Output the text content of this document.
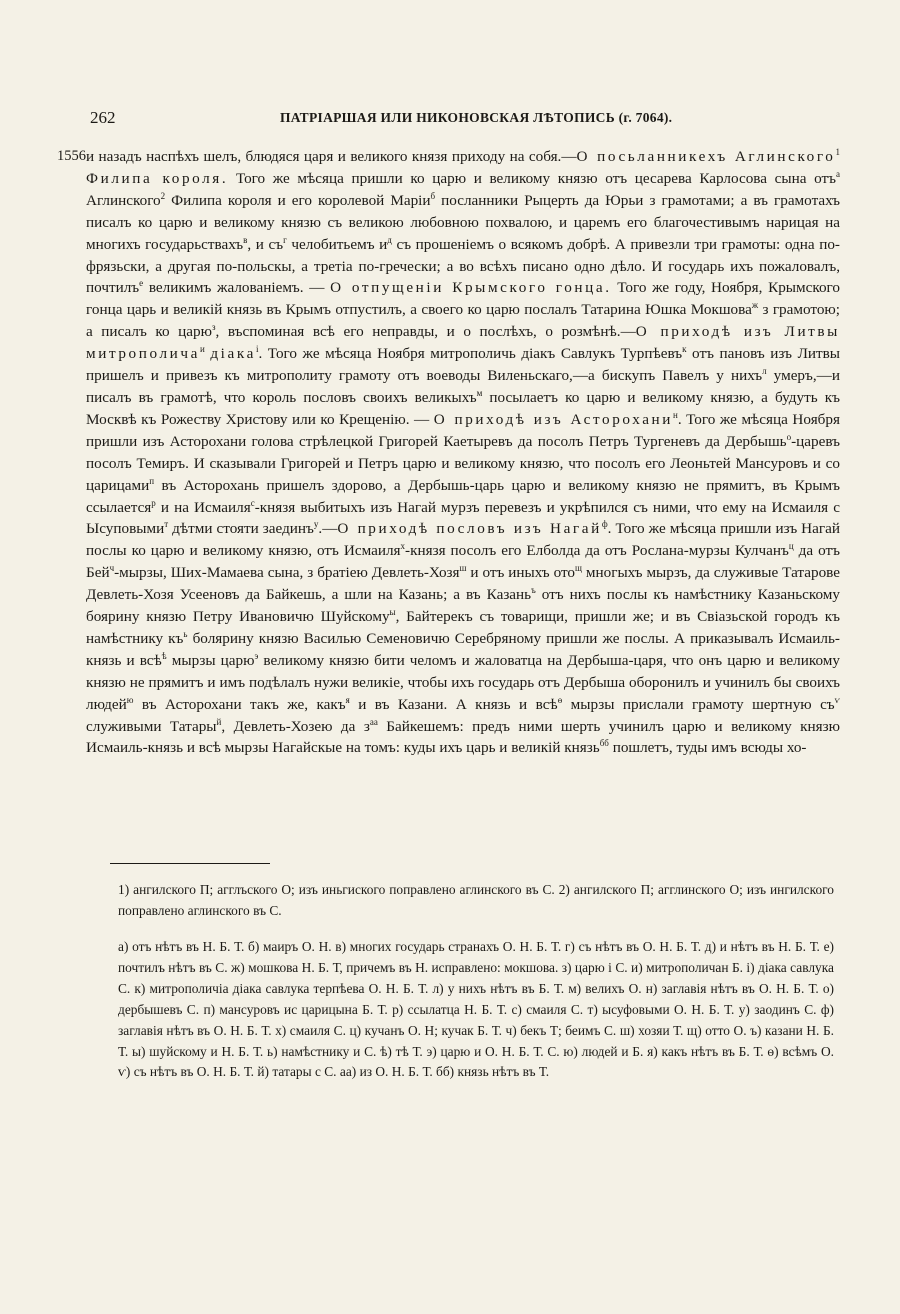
262	ПАТРІАРШАЯ ИЛИ НИКОНОВСКАЯ ЛѢТОПИСЬ (г. 7064).
1556 и назадъ наспѣхъ шелъ, блюдяся царя и великого князя приходу на собя.—О посьланникехъ Аглинского$^1$ Филипа короля. Того же мѣсяца пришли ко царю и великому князю отъ цесарева Карлосова сына отъ$^а$ Аглинского$^2$ Филипа короля и его королевой Маріи$^б$ посланники Рыцерть да Юрьи з грамотами; а въ грамотахъ писалъ ко царю и великому князю съ великою любовною похвалою, и царемъ его благочестивымъ нарицая на многихъ государьствахъ$^в$, и $съ^г$ челобитьемъ $и^д$ съ прошеніемъ о всякомъ добрѣ. А привезли три грамоты: одна по-фрязьски, а другая по-польскы, а третіа по-гречески; а во всѣхъ писано одно дѣло. И государь ихъ пожаловалъ, почтилъ$^е$ великимъ жалованіемъ. — О отпущеніи Крымского гонца. Того же году, Ноября, Крымского гонца царь и великій князь въ Крымъ отпустилъ, а своего ко царю послалъ Татарина Юшка Мокшова$^ж$ з грамотою; а писалъ ко царю$^з$, въспоминая всѣ его неправды, и о послѣхъ, о розмѣнѣ.—О приходѣ изъ Литвы митрополича$^и$ діака$^і$. Того же мѣсяца Ноября митрополичь діакъ Савлукъ Турпѣевъ$^к$ отъ пановъ изъ Литвы пришелъ и привезъ къ митрополиту грамоту отъ воеводы Виленьскаго,—а бискупъ Павелъ у нихъ$^л$ умеръ,—и писалъ въ грамотѣ, что король пословъ своихъ великыхъ$^м$ посылаетъ ко царю и великому князю, а будуть къ Москвѣ къ Рожеству Христову или ко Крещенію. — О приходѣ изъ Асторохани$^н$. Того же мѣсяца Ноября пришли изъ Асторохани голова стрѣлецкой Григорей Каетыревъ да посолъ Петръ Тургеневъ да Дербышь$^о$-царевъ посолъ Темиръ. И сказывали Григорей и Петръ царю и великому князю, что посолъ его Леоньтей Мансуровъ и со царицами$^п$ въ Асторохань пришелъ здорово, а Дербышь-царь царю и великому князю не прямитъ, въ Крымъ ссылается$^р$ и на Исмаиля$^с$-князя выбитыхъ изъ Нагай мурзъ перевезъ и укрѣпился съ ними, что ему на Исмаиля с Ысуповыми$^т$ дѣтми стояти заединъ$^у$.—О приходѣ пословъ изъ Нагай$^ф$. Того же мѣсяца пришли изъ Нагай послы ко царю и великому князю, отъ Исмаиля$^х$-князя посолъ его Елболда да отъ Рослана-мурзы Кулчанъ$^ц$ да отъ Бей$^ч$-мырзы, Ших-Мамаева сына, з братіею Девлеть-Хозя$^ш$ и отъ иныхъ ото$^щ$ многыхъ мырзъ, да служивые Татарове Девлеть-Хозя Усееновъ да Байкешь, а шли на Казань; а въ Казань$^ъ$ отъ нихъ послы къ намѣстнику Казаньскому боярину князю Петру Ивановичю Шуйскому$^ы$, Байтерекъ съ товарищи, пришли же; и въ Свіазьской городъ къ намѣстнику $къ^ь$ болярину князю Василью Семеновичю Серебряному пришли же послы. А приказывалъ Исмаиль-князь и всѣ$^ѣ$ мырзы царю$^э$ великому князю бити челомъ и жаловатца на Дербыша-царя, что онъ царю и великому князю не прямитъ и имъ подѣлалъ нужи великіе, чтобы ихъ государь отъ Дербыша оборонилъ и учинилъ бы своихъ людей$^ю$ въ Асторохани такъ же, какъ$^я$ и въ Казани. А князь и всѣ$^ѳ$ мырзы прислали грамоту шертную $съ^ѵ$ служивыми Татары$^й$, Девлеть-Хозею да $з^{аа}$ Байкешемъ: предъ ними шерть учинилъ царю и великому князю Исмаиль-князь и всѣ мырзы Нагайскые на томъ: куды ихъ царь и великій князь$^{бб}$ пошлетъ, туды имъ всюды хо-

1) ангилского П; агглъского О; изъ иньгиского поправлено аглинского въ С. 2) ангилского П; агглинского О; изъ ингилского поправлено аглинского въ С.

а) отъ нѣтъ въ Н. Б. Т. б) маиръ О. Н. в) многих государь странахъ О. Н. Б. Т. г) съ нѣтъ въ О. Н. Б. Т. д) и нѣтъ въ Н. Б. Т. е) почтилъ нѣтъ въ С. ж) мошкова Н. Б. Т, причемъ въ Н. исправлено: мокшова. з) царю і С. и) митрополичан Б. і) діака савлука С. к) митрополичіа діака савлука терпѣева О. Н. Б. Т. л) у нихъ нѣтъ въ Б. Т. м) велихъ О. н) заглавія нѣтъ въ О. Н. Б. Т. о) дербышевъ С. п) мансуровъ ис царицына Б. Т. р) ссылатца Н. Б. Т. с) смаиля С. т) ысуфовыми О. Н. Б. Т. у) заодинъ С. ф) заглавія нѣтъ въ О. Н. Б. Т. х) смаиля С. ц) кучанъ О. Н; кучак Б. Т. ч) бекъ Т; беимъ С. ш) хозяи Т. щ) отто О. ъ) казани Н. Б. Т. ы) шуйскому и Н. Б. Т. ь) намѣстнику и С. ѣ) тѣ Т. э) царю и О. Н. Б. Т. С. ю) людей и Б. я) какъ нѣтъ въ Б. Т. ѳ) всѣмъ О. ѵ) съ нѣтъ въ О. Н. Б. Т. й) татары с С. аа) из О. Н. Б. Т. бб) князь нѣтъ въ Т.
